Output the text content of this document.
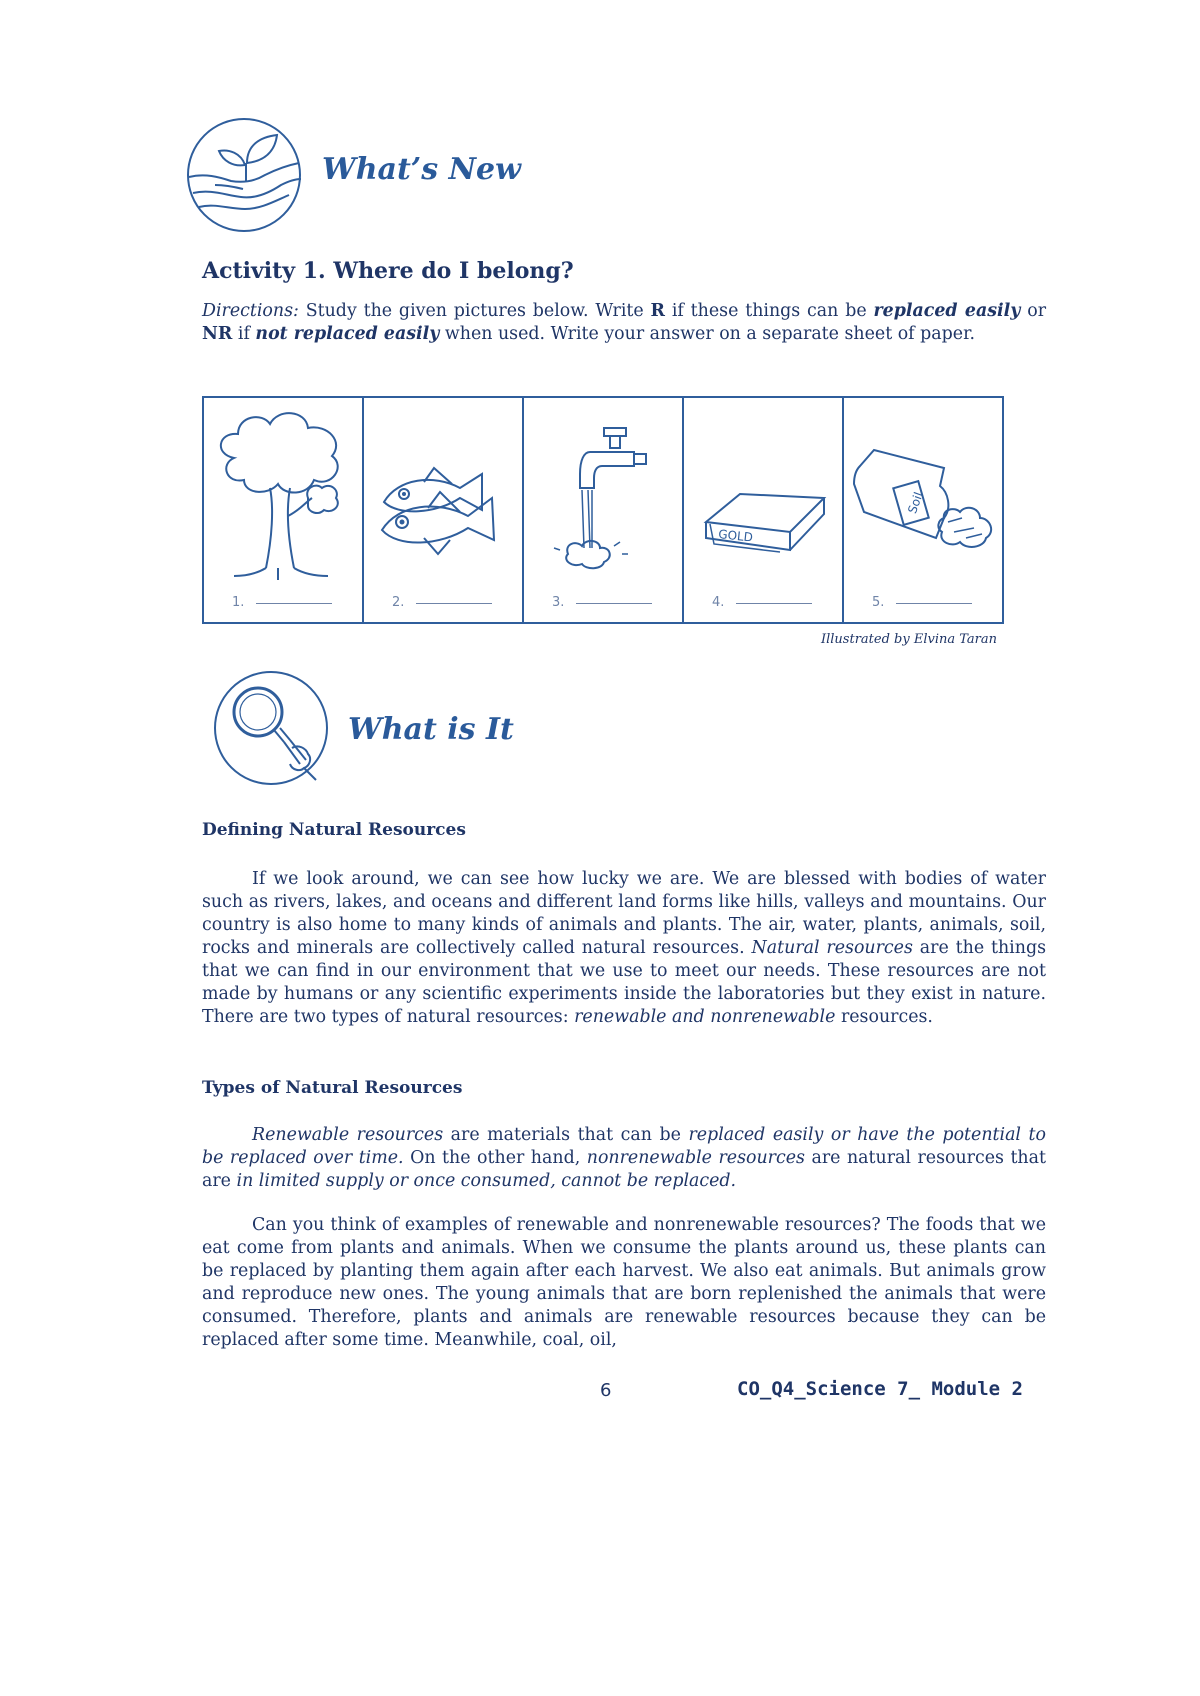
What’s New
Activity 1. Where do I belong?

Directions: Study the given pictures below. Write R if these things can be replaced easily or NR if not replaced easily when used. Write your answer on a separate sheet of paper.

1.	2.	3.
GOLD
4.
Soil
5.
Illustrated by Elvina Taran
What is It
Defining Natural Resources

If we look around, we can see how lucky we are. We are blessed with bodies of water such as rivers, lakes, and oceans and different land forms like hills, valleys and mountains. Our country is also home to many kinds of animals and plants. The air, water, plants, animals, soil, rocks and minerals are collectively called natural resources. Natural resources are the things that we can find in our environment that we use to meet our needs. These resources are not made by humans or any scientific experiments inside the laboratories but they exist in nature. There are two types of natural resources: renewable and nonrenewable resources.

Types of Natural Resources

Renewable resources are materials that can be replaced easily or have the potential to be replaced over time. On the other hand, nonrenewable resources are natural resources that are in limited supply or once consumed, cannot be replaced.

Can you think of examples of renewable and nonrenewable resources? The foods that we eat come from plants and animals. When we consume the plants around us, these plants can be replaced by planting them again after each harvest. We also eat animals. But animals grow and reproduce new ones. The young animals that are born replenished the animals that were consumed. Therefore, plants and animals are renewable resources because they can be replaced after some time. Meanwhile, coal, oil,

6	CO_Q4_Science 7_ Module 2
